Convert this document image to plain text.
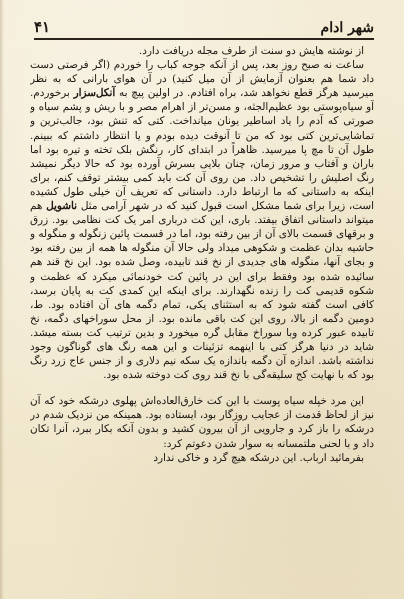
۴۱	شهر ادام

از نوشته هایش دو سنت از طرف مجله دریافت دارد.

ساعت نه صبح روز بعد، پس از آنکه جوجه کباب را خوردم (اگر فرصتی دست داد شما هم بعنوان آزمایش از آن میل کنید) در آن هوای بارانی که به نظر میرسید هرگز قطع نخواهد شد، براه افتادم. در اولین پیچ به آنکل‌سزار برخوردم. آو سیاه‌پوستی بود عظیم‌الجثه، و مسن‌تر از اهرام مصر و با ریش و پشم سیاه و صورتی که آدم را یاد اساطیر یونان میانداخت. کتی که تنش بود، جالب‌ترین و تماشایی‌ترین کتی بود که من تا آنوقت دیده بودم و یا انتظار داشتم که ببینم. طول آن تا مچ پا میرسید. ظاهراً در ابتدای کار، رنگش بلک تخته و تیره بود اما باران و آفتاب و مرور زمان، چنان بلایی بسرش آورده بود که حالا دیگر نمیشد رنگ اصلیش را تشخیص داد. من روی آن کت باید کمی بیشتر توقف کنم، برای اینکه به داستانی که ما ارتباط دارد. داستانی که تعریف آن خیلی طول کشیده است، زیرا برای شما مشکل است قبول کنید که در شهر آرامی مثل ناشویل هم میتواند داستانی اتفاق بیفتد. باری، این کت درباری امر یک کت نظامی بود. زرق و برقهای قسمت بالای آن از بین رفته بود، اما در قسمت پائین زنگوله و منگوله و حاشیه بدان عظمت و شکوهی میداد ولی حالا آن منگوله ها همه از بین رفته بود و بجای آنها، منگوله های جدیدی از نخ قند تابیده، وصل شده بود. این نخ قند هم سائیده شده بود وفقط برای این در پائین کت خودنمائی میکرد که عظمت و شکوه قدیمی کت را زنده نگهدارند. برای اینکه این کمدی کت به پایان برسد، کافی است گفته شود که به استثنای یکی، تمام دگمه های آن افتاده بود. ط، دومین دگمه از بالا، روی این کت باقی مانده بود. از محل سوراخهای دگمه، نخ تابیده عبور کرده وبا سوراخ مقابل گره میخورد و بدین ترتیب کت بسته میشد. شاید در دنیا هرگز کتی با اینهمه تزئینات و این همه رنگ های گوناگون وجود نداشته باشد. اندازه آن دگمه باندازه یک سکه نیم دلاری و از جنس عاج زرد رنگ بود که با نهایت کج سلیقه‌گی با نخ قند روی کت دوخته شده بود.

این مرد خپله سیاه پوست با این کت خارق‌العاده‌اش پهلوی درشکه خود که آن نیز از لحاظ قدمت از عجایب روزگار بود، ایستاده بود. همینکه من نزدیک شدم در درشکه را باز کرد و جارویی از آن بیرون کشید و بدون آنکه بکار ببرد، آنرا تکان داد و با لحنی ملتمسانه به سوار شدن دعوتم کرد:

بفرمائید ارباب. این درشکه هیچ گرد و خاکی ندارد
